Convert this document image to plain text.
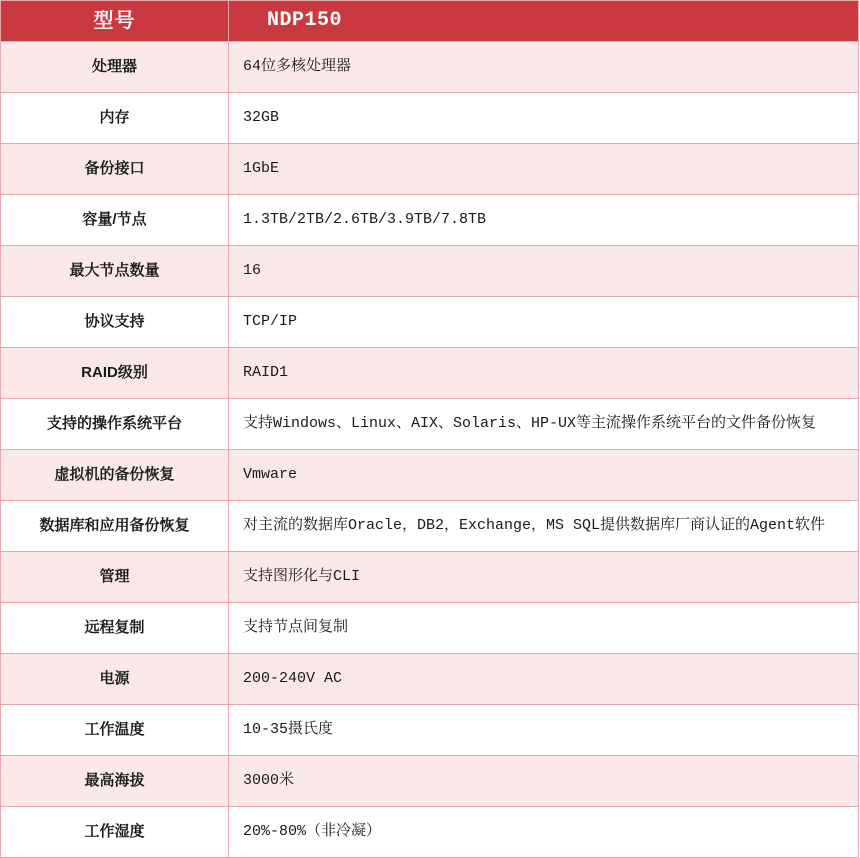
型号	NDP150
处理器	64位多核处理器
内存	32GB
备份接口	1GbE
容量/节点	1.3TB/2TB/2.6TB/3.9TB/7.8TB
最大节点数量	16
协议支持	TCP/IP
RAID级别	RAID1
支持的操作系统平台	支持Windows、Linux、AIX、Solaris、HP-UX等主流操作系统平台的文件备份恢复
虚拟机的备份恢复	Vmware
数据库和应用备份恢复	对主流的数据库Oracle，DB2，Exchange，MS SQL提供数据库厂商认证的Agent软件
管理	支持图形化与CLI
远程复制	支持节点间复制
电源	200-240V AC
工作温度	10-35摄氏度
最高海拔	3000米
工作湿度	20%-80%（非冷凝）
